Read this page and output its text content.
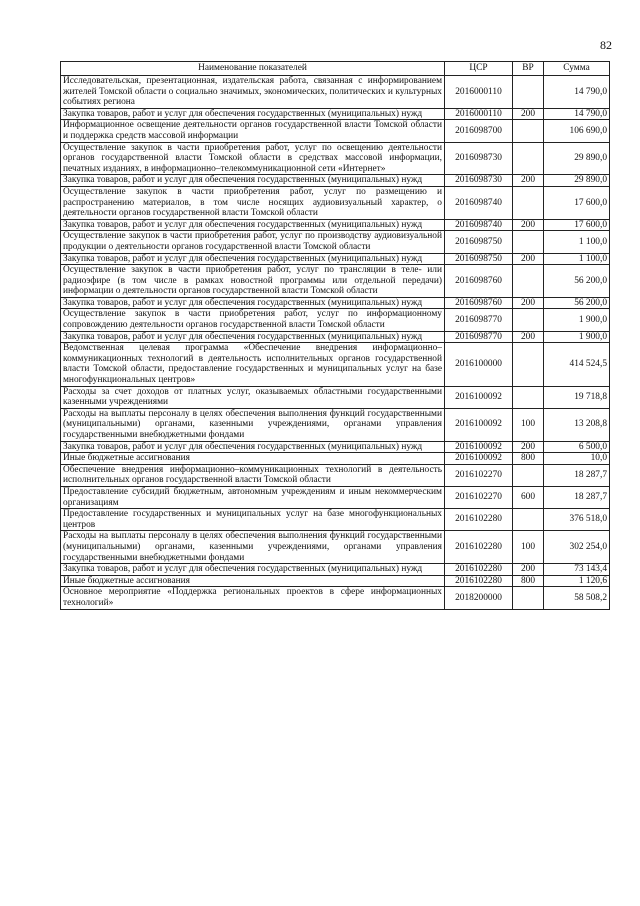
82
Наименование показателей	ЦСР	ВР	Сумма
Исследовательская, презентационная, издательская работа, связанная с информированием жителей Томской области о социально значимых, экономических, политических и культурных событиях региона	2016000110		14 790,0
Закупка товаров, работ и услуг для обеспечения государственных (муниципальных) нужд	2016000110	200	14 790,0
Информационное освещение деятельности органов государственной власти Томской области и поддержка средств массовой информации	2016098700		106 690,0
Осуществление закупок в части приобретения работ, услуг по освещению деятельности органов государственной власти Томской области в средствах массовой информации, печатных изданиях, в информационно–телекоммуникационной сети «Интернет»	2016098730		29 890,0
Закупка товаров, работ и услуг для обеспечения государственных (муниципальных) нужд	2016098730	200	29 890,0
Осуществление закупок в части приобретения работ, услуг по размещению и распространению материалов, в том числе носящих аудиовизуальный характер, о деятельности органов государственной власти Томской области	2016098740		17 600,0
Закупка товаров, работ и услуг для обеспечения государственных (муниципальных) нужд	2016098740	200	17 600,0
Осуществление закупок в части приобретения работ, услуг по производству аудиовизуальной продукции о деятельности органов государственной власти Томской области	2016098750		1 100,0
Закупка товаров, работ и услуг для обеспечения государственных (муниципальных) нужд	2016098750	200	1 100,0
Осуществление закупок в части приобретения работ, услуг по трансляции в теле- или радиоэфире (в том числе в рамках новостной программы или отдельной передачи) информации о деятельности органов государственной власти Томской области	2016098760		56 200,0
Закупка товаров, работ и услуг для обеспечения государственных (муниципальных) нужд	2016098760	200	56 200,0
Осуществление закупок в части приобретения работ, услуг по информационному сопровождению деятельности органов государственной власти Томской области	2016098770		1 900,0
Закупка товаров, работ и услуг для обеспечения государственных (муниципальных) нужд	2016098770	200	1 900,0
Ведомственная целевая программа «Обеспечение внедрения информационно–коммуникационных технологий в деятельность исполнительных органов государственной власти Томской области, предоставление государственных и муниципальных услуг на базе многофункциональных центров»	2016100000		414 524,5
Расходы за счет доходов от платных услуг, оказываемых областными государственными казенными учреждениями	2016100092		19 718,8
Расходы на выплаты персоналу в целях обеспечения выполнения функций государственными (муниципальными) органами, казенными учреждениями, органами управления государственными внебюджетными фондами	2016100092	100	13 208,8
Закупка товаров, работ и услуг для обеспечения государственных (муниципальных) нужд	2016100092	200	6 500,0
Иные бюджетные ассигнования	2016100092	800	10,0
Обеспечение внедрения информационно–коммуникационных технологий в деятельность исполнительных органов государственной власти Томской области	2016102270		18 287,7
Предоставление субсидий бюджетным, автономным учреждениям и иным некоммерческим организациям	2016102270	600	18 287,7
Предоставление государственных и муниципальных услуг на базе многофункциональных центров	2016102280		376 518,0
Расходы на выплаты персоналу в целях обеспечения выполнения функций государственными (муниципальными) органами, казенными учреждениями, органами управления государственными внебюджетными фондами	2016102280	100	302 254,0
Закупка товаров, работ и услуг для обеспечения государственных (муниципальных) нужд	2016102280	200	73 143,4
Иные бюджетные ассигнования	2016102280	800	1 120,6
Основное мероприятие «Поддержка региональных проектов в сфере информационных технологий»	2018200000		58 508,2
